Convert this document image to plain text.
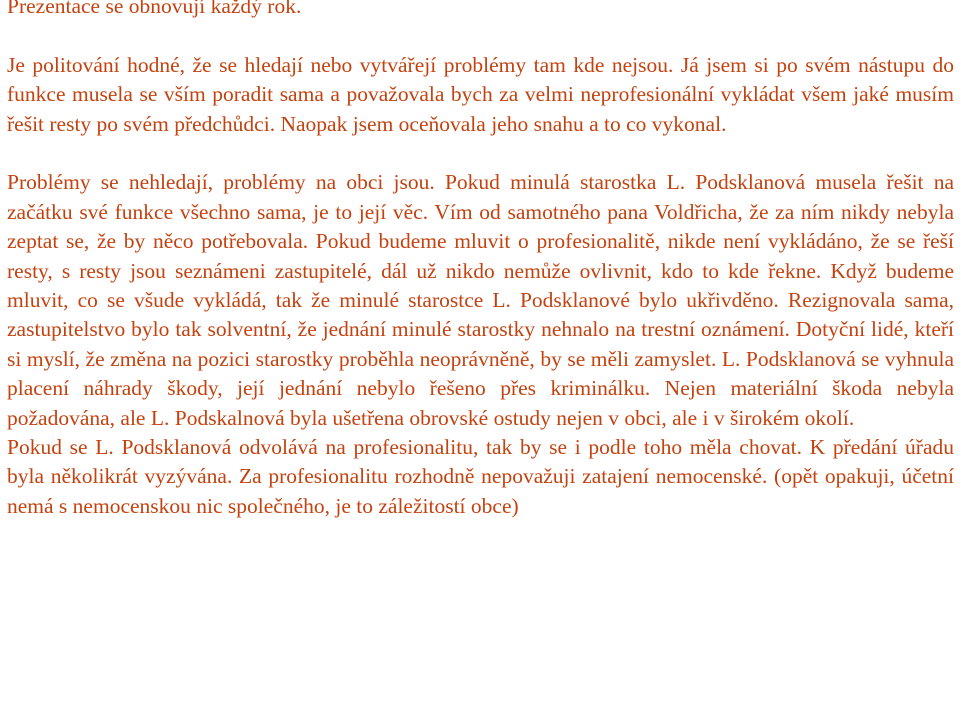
Prezentace se obnovují každý rok.

Je politování hodné, že se hledají nebo vytvářejí problémy tam kde nejsou. Já jsem si po svém nástupu do funkce musela se vším poradit sama a považovala bych za velmi neprofesionální vykládat všem jaké musím řešit resty po svém předchůdci. Naopak jsem oceňovala jeho snahu a to co vykonal.

Problémy se nehledají, problémy na obci jsou. Pokud minulá starostka L. Podsklanová musela řešit na začátku své funkce všechno sama, je to její věc. Vím od samotného pana Voldřicha, že za ním nikdy nebyla zeptat se, že by něco potřebovala. Pokud budeme mluvit o profesionalitě, nikde není vykládáno, že se řeší resty, s resty jsou seznámeni zastupitelé, dál už nikdo nemůže ovlivnit, kdo to kde řekne. Když budeme mluvit, co se všude vykládá, tak že minulé starostce L. Podsklanové bylo ukřivděno. Rezignovala sama, zastupitelstvo bylo tak solventní, že jednání minulé starostky nehnalo na trestní oznámení. Dotyční lidé, kteří si myslí, že změna na pozici starostky proběhla neoprávněně, by se měli zamyslet. L. Podsklanová se vyhnula placení náhrady škody, její jednání nebylo řešeno přes kriminálku. Nejen materiální škoda nebyla požadována, ale L. Podskalnová byla ušetřena obrovské ostudy nejen v obci, ale i v širokém okolí.

Pokud se L. Podsklanová odvolává na profesionalitu, tak by se i podle toho měla chovat. K předání úřadu byla několikrát vyzývána. Za profesionalitu rozhodně nepovažuji zatajení nemocenské. (opět opakuji, účetní nemá s nemocenskou nic společného, je to záležitostí obce)
